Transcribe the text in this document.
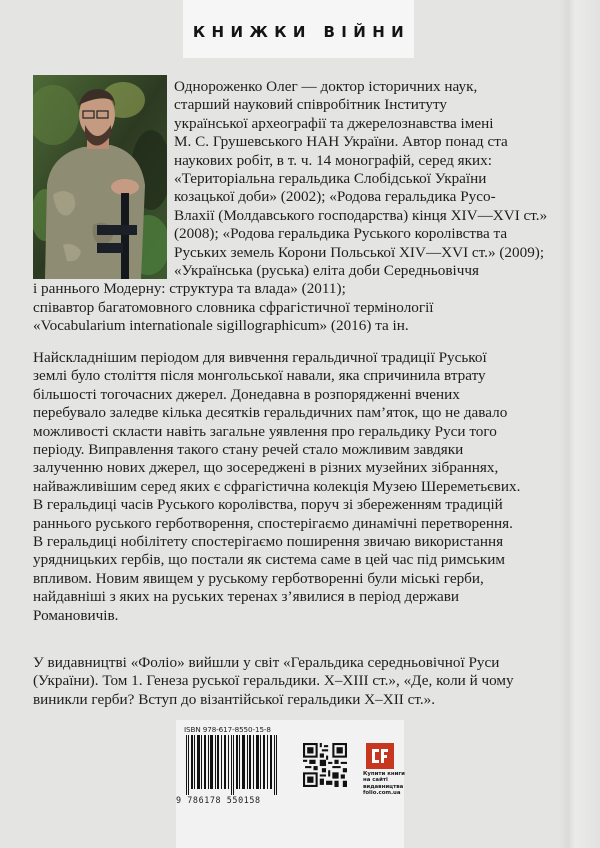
КНИЖКИ ВІЙНИ
Однороженко Олег — доктор історичних наук,
старший науковий співробітник Інституту
української археографії та джерелознавства імені
М. С. Грушевського НАН України. Автор понад ста
наукових робіт, в т. ч. 14 монографій, серед яких:
«Територіальна геральдика Слобідської України
козацької доби» (2002); «Родова геральдика Русо-
Влахії (Молдавського господарства) кінця XIV—XVI ст.»
(2008); «Родова геральдика Руського королівства та
Руських земель Корони Польської XIV—XVI ст.» (2009);
«Українська (руська) еліта доби Середньовіччя
і раннього Модерну: структура та влада» (2011);
співавтор багатомовного словника сфрагістичної термінології
«Vocabularium internationale sigillographicum» (2016) та ін.
Найскладнішим періодом для вивчення геральдичної традиції Руської
землі було століття після монгольської навали, яка спричинила втрату
більшості тогочасних джерел. Донедавна в розпорядженні вчених
перебувало заледве кілька десятків геральдичних пам’яток, що не давало
можливості скласти навіть загальне уявлення про геральдику Руси того
періоду. Виправлення такого стану речей стало можливим завдяки
залученню нових джерел, що зосереджені в різних музейних зібраннях,
найважливішим серед яких є сфрагістична колекція Музею Шереметьєвих.
В геральдиці часів Руського королівства, поруч зі збереженням традицій
раннього руського герботворення, спостерігаємо динамічні перетворення.
В геральдиці нобілітету спостерігаємо поширення звичаю використання
урядницьких гербів, що постали як система саме в цей час під римським
впливом. Новим явищем у руському герботворенні були міські герби,
найдавніші з яких на руських теренах з’явилися в період держави
Романовичів.
У видавництві «Фоліо» вийшли у світ «Геральдика середньовічної Руси
(України). Том 1. Генеза руської геральдики. X–XIII ст.», «Де, коли й чому
виникли герби? Вступ до візантійської геральдики X–XII ст.».
ISBN 978-617-8550-15-8
9 786178 550158
Купити книги
на сайті
видавництва
folio.com.ua
